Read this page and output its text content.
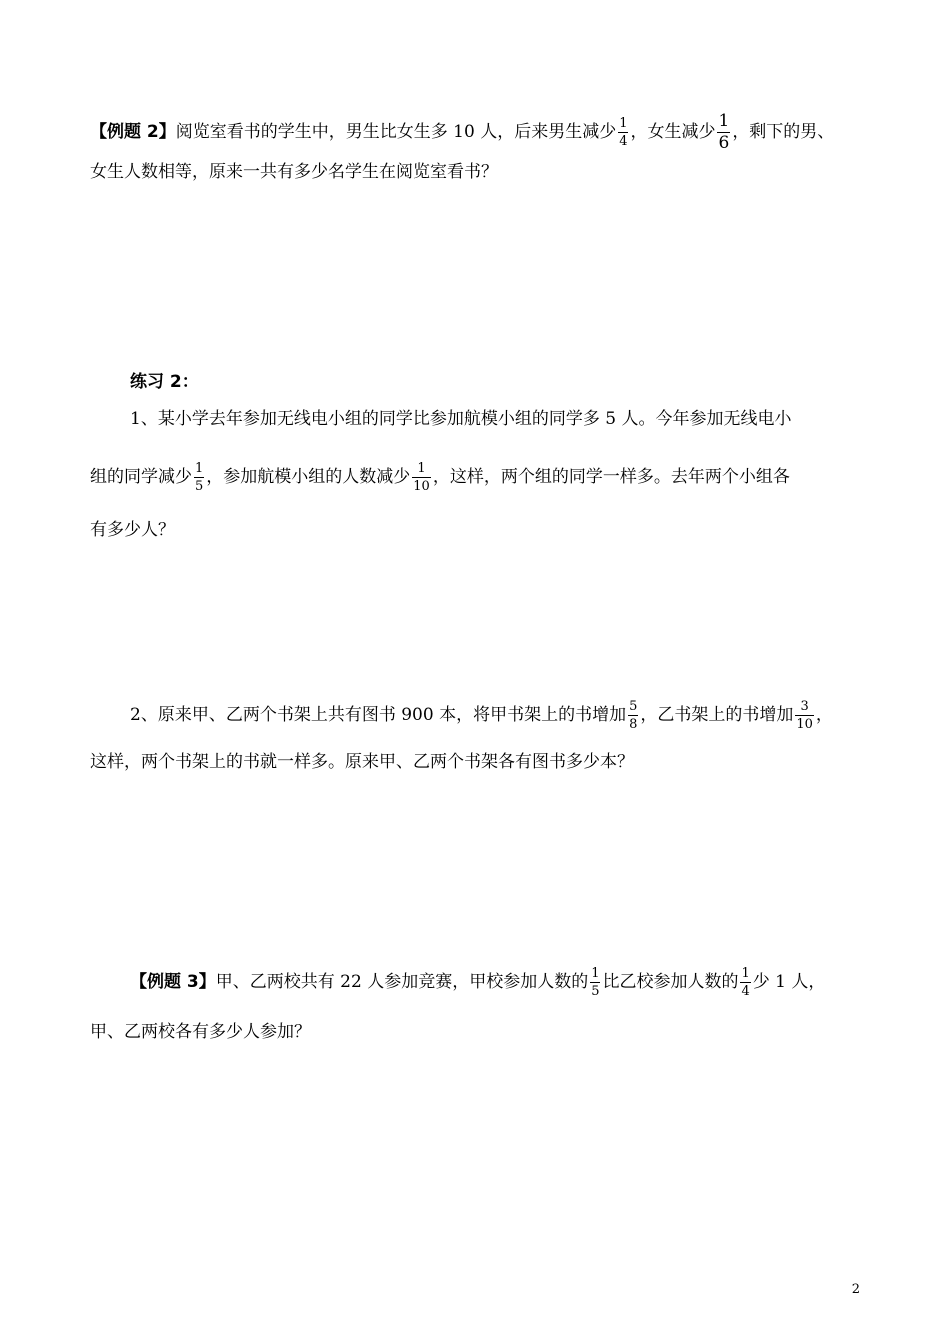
【例题 2】阅览室看书的学生中，男生比女生多 10 人，后来男生减少 $\frac{1}{4}$ ，女生减少 $\frac{1}{6}$ ，剩下的男、
女生人数相等，原来一共有多少名学生在阅览室看书？
练习 2：
1、某小学去年参加无线电小组的同学比参加航模小组的同学多 5 人。今年参加无线电小
组的同学减少 $\frac{1}{5}$ ，参加航模小组的人数减少 $\frac{1}{10}$ ，这样，两个组的同学一样多。去年两个小组各
有多少人？
2、原来甲、乙两个书架上共有图书 900 本，将甲书架上的书增加 $\frac{5}{8}$ ，乙书架上的书增加 $\frac{3}{10}$ ，
这样，两个书架上的书就一样多。原来甲、乙两个书架各有图书多少本？
【例题 3】甲、乙两校共有 22 人参加竞赛，甲校参加人数的 $\frac{1}{5}$ 比乙校参加人数的 $\frac{1}{4}$ 少 1 人，
甲、乙两校各有多少人参加？
2
